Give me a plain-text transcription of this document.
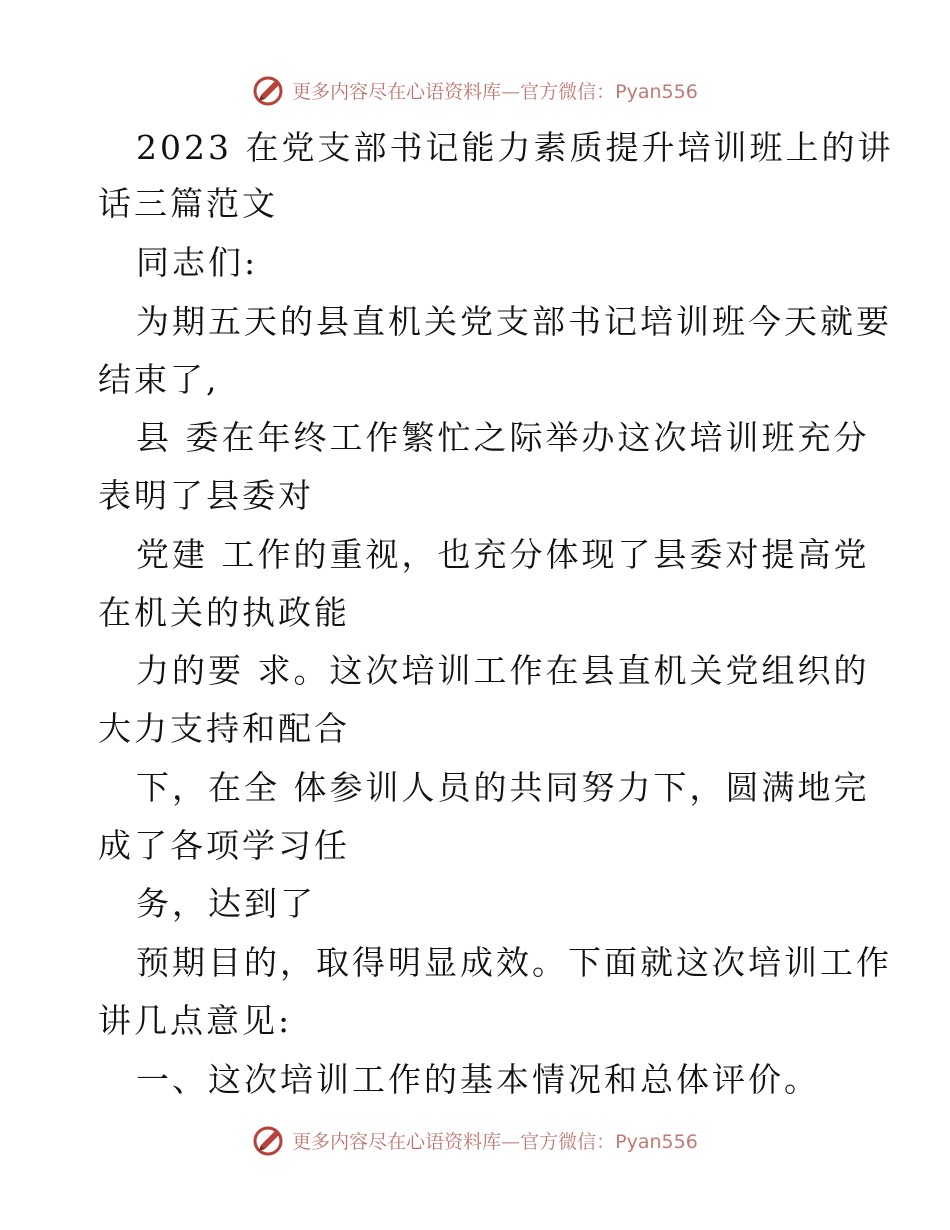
更多内容尽在心语资料库—官方微信：Pyan556
2023 在党支部书记能力素质提升培训班上的讲
话三篇范文
同志们:
为期五天的县直机关党支部书记培训班今天就要
结束了,
县 委在年终工作繁忙之际举办这次培训班充分
表明了县委对
党建 工作的重视，也充分体现了县委对提高党
在机关的执政能
力的要 求。这次培训工作在县直机关党组织的
大力支持和配合
下，在全 体参训人员的共同努力下，圆满地完
成了各项学习任
务，达到了
预期目的，取得明显成效。下面就这次培训工作
讲几点意见:
一、这次培训工作的基本情况和总体评价。
更多内容尽在心语资料库—官方微信：Pyan556
